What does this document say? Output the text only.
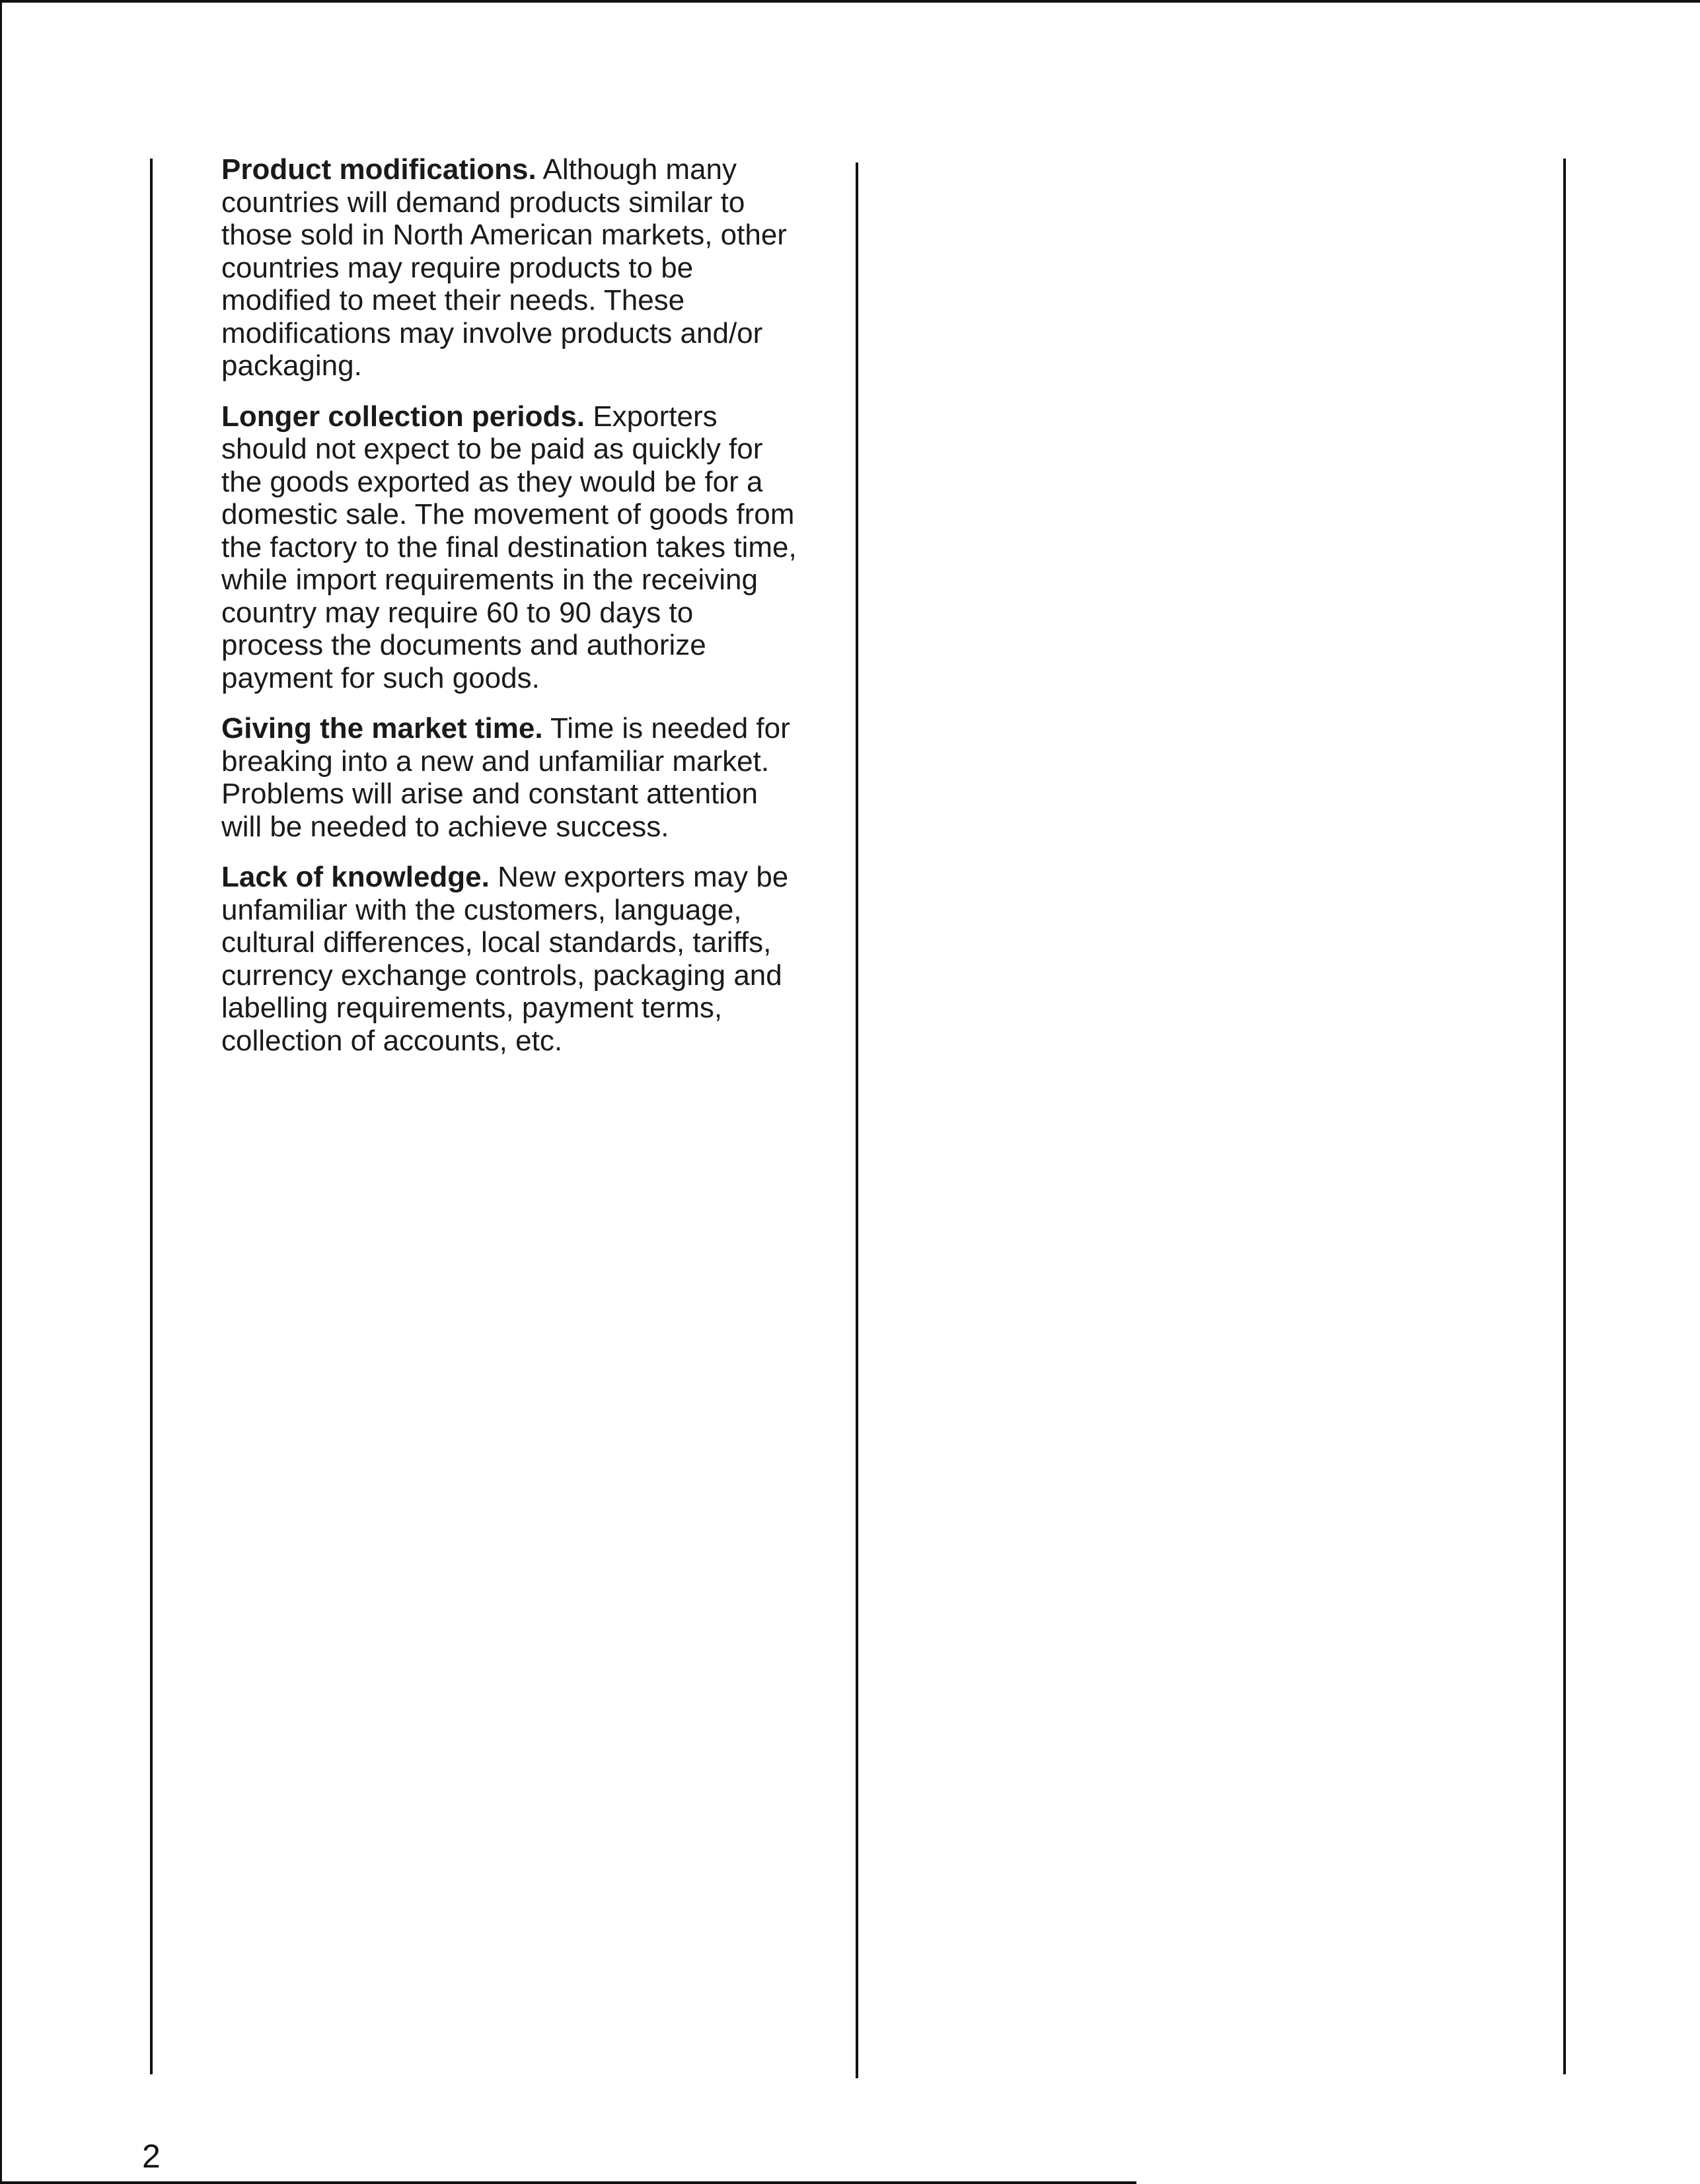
Product modifications. Although many countries will demand products similar to those sold in North American markets, other countries may require products to be modified to meet their needs. These modifications may involve products and/or packaging.

Longer collection periods. Exporters should not expect to be paid as quickly for the goods exported as they would be for a domestic sale. The movement of goods from the factory to the final destination takes time, while import requirements in the receiving country may require 60 to 90 days to process the documents and authorize payment for such goods.

Giving the market time. Time is needed for breaking into a new and unfamiliar market. Problems will arise and constant attention will be needed to achieve success.

Lack of knowledge. New exporters may be unfamiliar with the customers, language, cultural differences, local standards, tariffs, currency exchange controls, packaging and labelling requirements, payment terms, collection of accounts, etc.

2
